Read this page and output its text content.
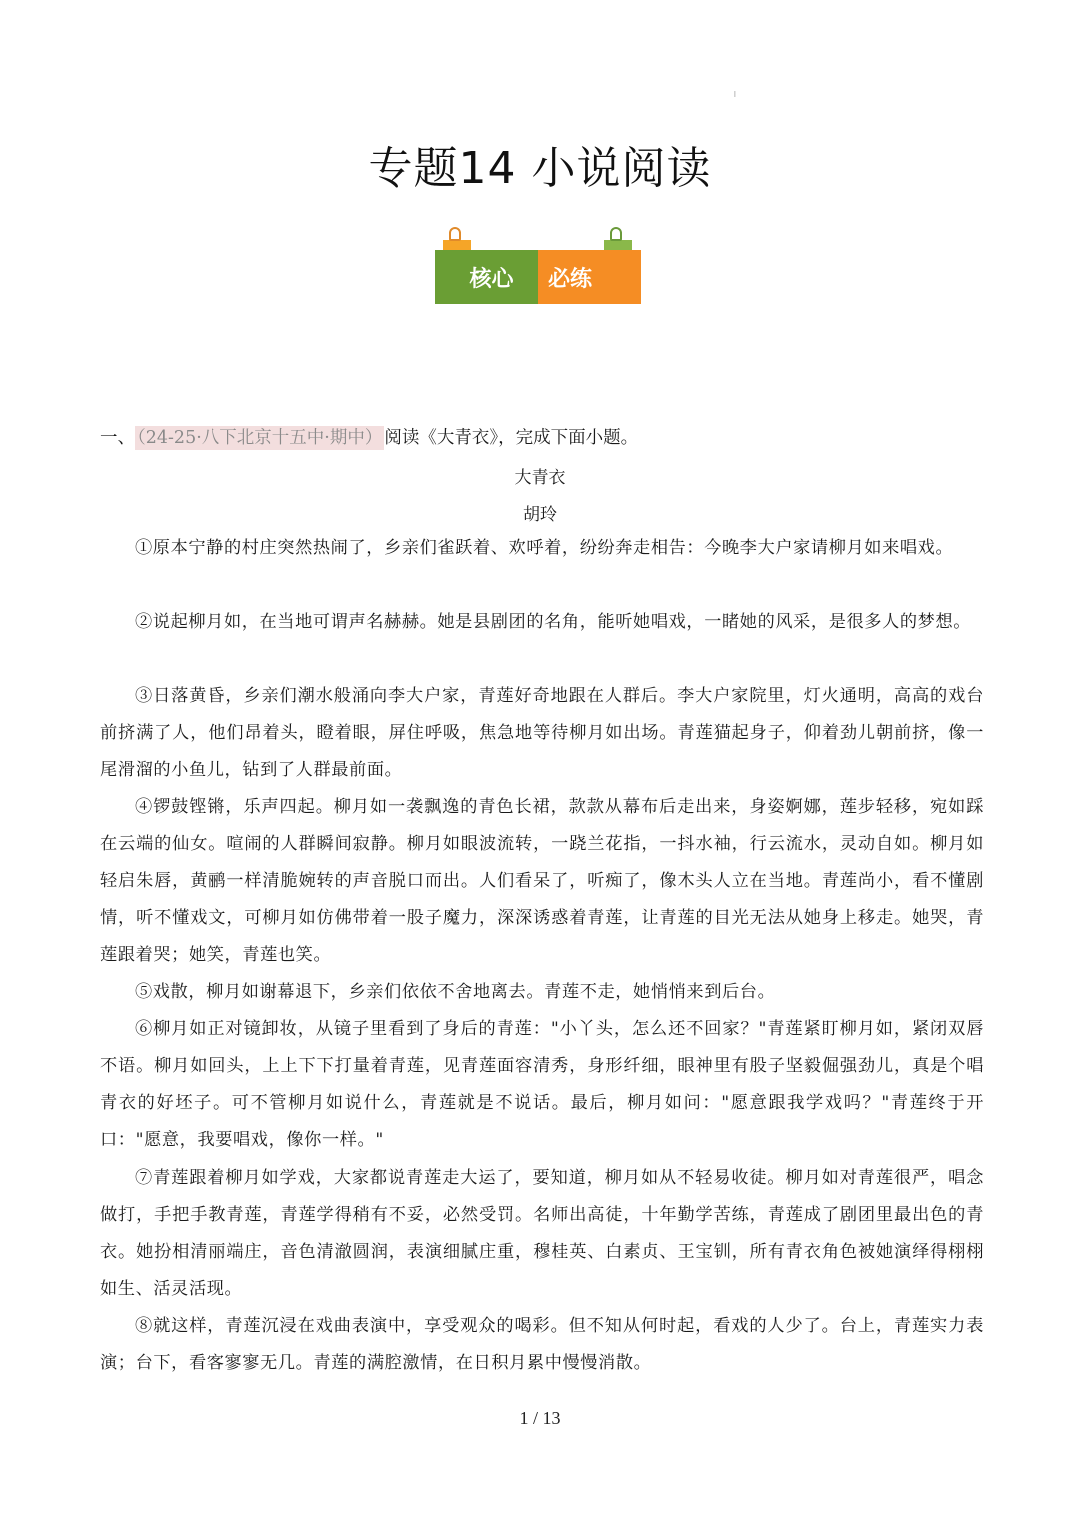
l
专题14 小说阅读
核心	必练
一、 （24-25·八下北京十五中·期中） 阅读《大青衣》，完成下面小题。
大青衣
胡玲

①原本宁静的村庄突然热闹了，乡亲们雀跃着、欢呼着，纷纷奔走相告：今晚李大户家请柳月如来唱戏。

②说起柳月如，在当地可谓声名赫赫。她是县剧团的名角，能听她唱戏，一睹她的风采，是很多人的梦想。

③日落黄昏，乡亲们潮水般涌向李大户家，青莲好奇地跟在人群后。李大户家院里，灯火通明，高高的戏台前挤满了人，他们昂着头，瞪着眼，屏住呼吸，焦急地等待柳月如出场。青莲猫起身子，仰着劲儿朝前挤，像一尾滑溜的小鱼儿，钻到了人群最前面。

④锣鼓铿锵，乐声四起。柳月如一袭飘逸的青色长裙，款款从幕布后走出来，身姿婀娜，莲步轻移，宛如踩在云端的仙女。喧闹的人群瞬间寂静。柳月如眼波流转，一跷兰花指，一抖水袖，行云流水，灵动自如。柳月如轻启朱唇，黄鹂一样清脆婉转的声音脱口而出。人们看呆了，听痴了，像木头人立在当地。青莲尚小，看不懂剧情，听不懂戏文，可柳月如仿佛带着一股子魔力，深深诱惑着青莲，让青莲的目光无法从她身上移走。她哭，青莲跟着哭；她笑，青莲也笑。

⑤戏散，柳月如谢幕退下，乡亲们依依不舍地离去。青莲不走，她悄悄来到后台。

⑥柳月如正对镜卸妆，从镜子里看到了身后的青莲："小丫头，怎么还不回家？"青莲紧盯柳月如，紧闭双唇不语。柳月如回头，上上下下打量着青莲，见青莲面容清秀，身形纤细，眼神里有股子坚毅倔强劲儿，真是个唱青衣的好坯子。可不管柳月如说什么，青莲就是不说话。最后，柳月如问："愿意跟我学戏吗？"青莲终于开口："愿意，我要唱戏，像你一样。"

⑦青莲跟着柳月如学戏，大家都说青莲走大运了，要知道，柳月如从不轻易收徒。柳月如对青莲很严，唱念做打，手把手教青莲，青莲学得稍有不妥，必然受罚。名师出高徒，十年勤学苦练，青莲成了剧团里最出色的青衣。她扮相清丽端庄，音色清澈圆润，表演细腻庄重，穆桂英、白素贞、王宝钏，所有青衣角色被她演绎得栩栩如生、活灵活现。

⑧就这样，青莲沉浸在戏曲表演中，享受观众的喝彩。但不知从何时起，看戏的人少了。台上，青莲实力表演；台下，看客寥寥无几。青莲的满腔激情，在日积月累中慢慢消散。

1 / 13
